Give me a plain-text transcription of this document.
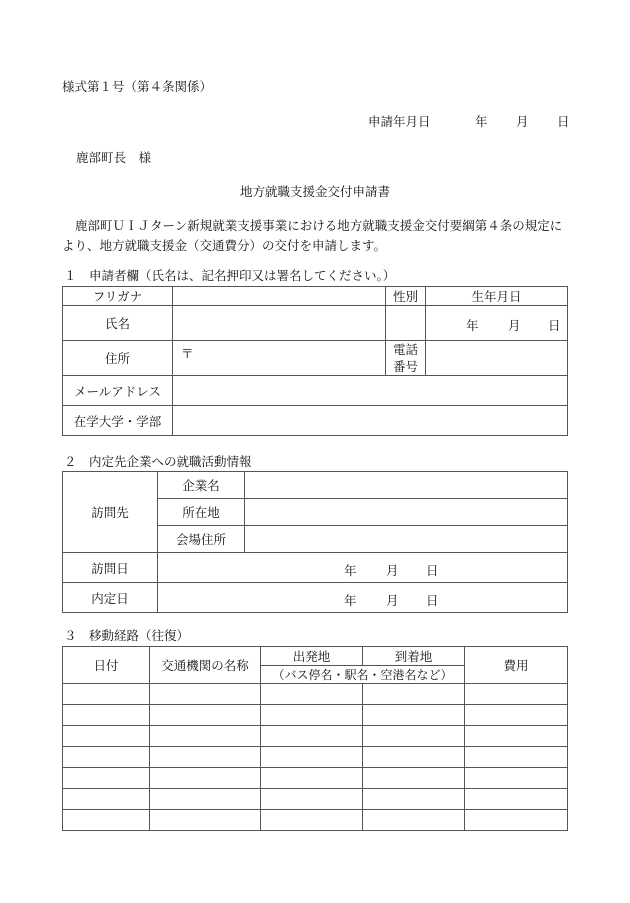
様式第１号（第４条関係）
申請年月日	年 月 日
鹿部町長　様
地方就職支援金交付申請書
鹿部町ＵＩＪターン新規就業支援事業における地方就職支援金交付要綱第４条の規定により、地方就職支援金（交通費分）の交付を申請します。
１　申請者欄（氏名は、記名押印又は署名してください。）
フリガナ		性別	生年月日
氏名			年 月 日

住所	〒	電話
番号	

メールアドレス			
在学大学・学部			
２　内定先企業への就職活動情報
訪問先	企業名	
	所在地	
	会場住所	
訪問日	年 月 日	

内定日	年 月 日	
３　移動経路（往復）
日付	交通機関の名称	出発地	到着地	費用
		（バス停名・駅名・空港名など）		
